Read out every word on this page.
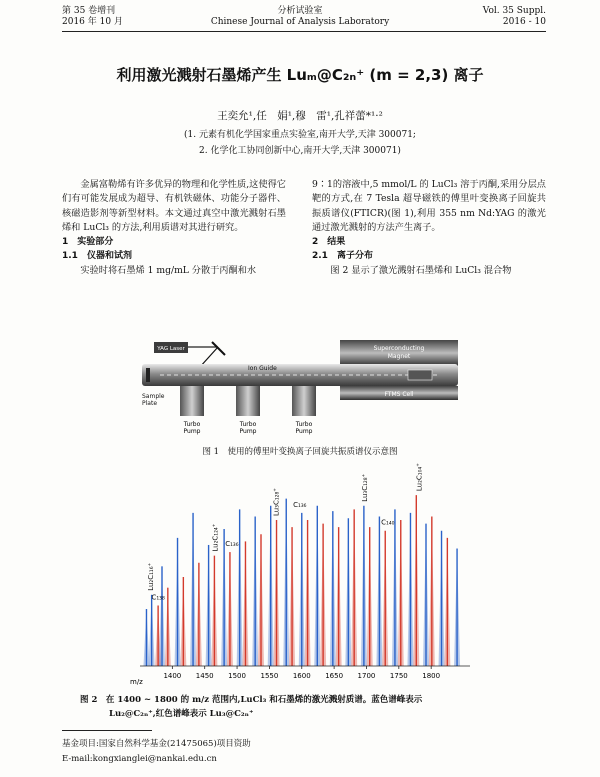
第 35 卷增刊
2016 年 10 月
分析试验室
Chinese Journal of Analysis Laboratory
Vol. 35 Suppl.
2016 - 10
利用激光溅射石墨烯产生 Luₘ@C₂ₙ⁺ (m = 2,3) 离子
王奕允¹,任　娟¹,穆　雷¹,孔祥蕾*¹·²
(1. 元素有机化学国家重点实验室,南开大学,天津 300071;
2. 化学化工协同创新中心,南开大学,天津 300071)

金属富勒烯有许多优异的物理和化学性质,这使得它们有可能发展成为超导、有机铁磁体、功能分子器件、核磁造影剂等新型材料。本文通过真空中激光溅射石墨烯和 LuCl₃ 的方法,利用质谱对其进行研究。

1　实验部分

1.1　仪器和试剂

实验时将石墨烯 1 mg/mL 分散于丙酮和水

9∶1的溶液中,5 mmol/L 的 LuCl₃ 溶于丙酮,采用分层点靶的方式,在 7 Tesla 超导磁铁的傅里叶变换离子回旋共振质谱仪(FTICR)(图 1),利用 355 nm Nd:YAG 的激光通过激光溅射的方法产生离子。

2　结果

2.1　离子分布

图 2 显示了激光溅射石墨烯和 LuCl₃ 混合物

YAG Laser	Superconducting
Magnet
Ion Guide
FTMS Cell
Sample
Plate
Turbo
Pump
Turbo
Pump
Turbo
Pump
图 1　使用的傅里叶变换离子回旋共振质谱仪示意图
Lu₂C₁₁₆⁺
C₁₃₈
Lu₂C₁₂₄⁺ C₁₃₆
Lu₃C₁₂₈⁺ C₁₃₆
Lu₃C₁₂₈⁺
C₁₄₀
Lu₂C₁₀₄⁺
1400 1450 1500 1550 1600 1650 1700 1750 1800
m/z
图 2　在 1400 ~ 1800 的 m/z 范围内,LuCl₃ 和石墨烯的激光溅射质谱。蓝色谱峰表示
Lu₂@C₂ₙ⁺,红色谱峰表示 Lu₃@C₂ₙ⁺
基金项目:国家自然科学基金(21475065)项目资助
E-mail:kongxianglei@nankai.edu.cn
